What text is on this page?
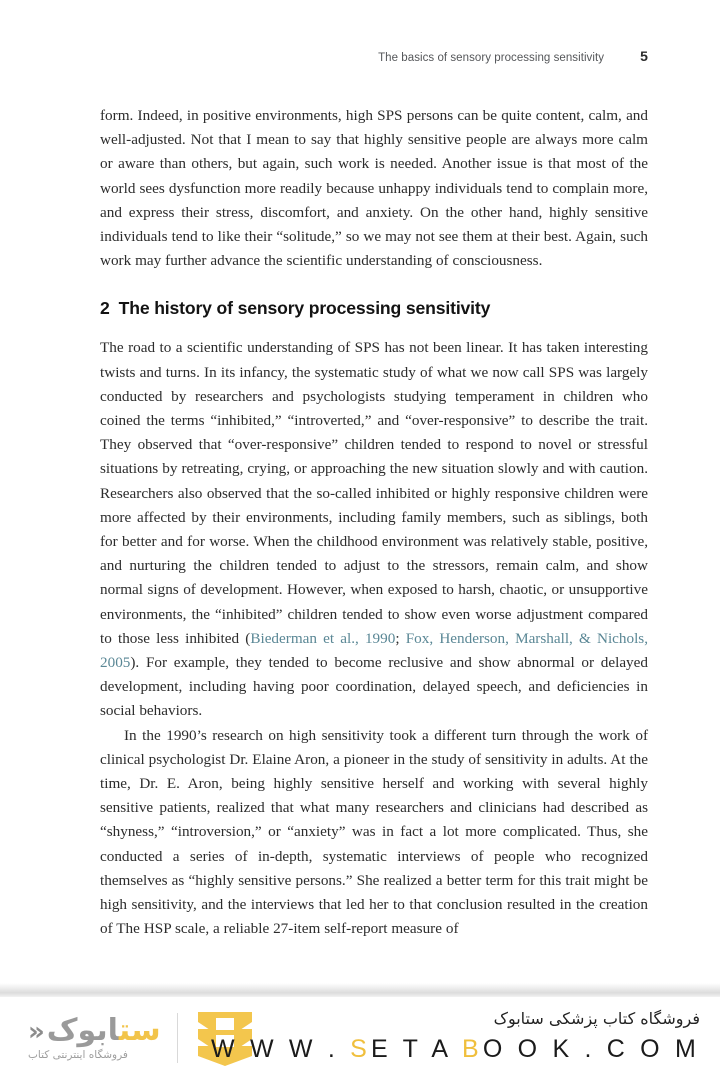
The basics of sensory processing sensitivity	5

form. Indeed, in positive environments, high SPS persons can be quite content, calm, and well-adjusted. Not that I mean to say that highly sensitive people are always more calm or aware than others, but again, such work is needed. Another issue is that most of the world sees dysfunction more readily because unhappy individuals tend to complain more, and express their stress, discomfort, and anxiety. On the other hand, highly sensitive individuals tend to like their “solitude,” so we may not see them at their best. Again, such work may further advance the scientific understanding of consciousness.

2 The history of sensory processing sensitivity

The road to a scientific understanding of SPS has not been linear. It has taken interesting twists and turns. In its infancy, the systematic study of what we now call SPS was largely conducted by researchers and psychologists studying temperament in children who coined the terms “inhibited,” “introverted,” and “over-responsive” to describe the trait. They observed that “over-responsive” children tended to respond to novel or stressful situations by retreating, crying, or approaching the new situation slowly and with caution. Researchers also observed that the so-called inhibited or highly responsive children were more affected by their environments, including family members, such as siblings, both for better and for worse. When the childhood environment was relatively stable, positive, and nurturing the children tended to adjust to the stressors, remain calm, and show normal signs of development. However, when exposed to harsh, chaotic, or unsupportive environments, the “inhibited” children tended to show even worse adjustment compared to those less inhibited (Biederman et al., 1990; Fox, Henderson, Marshall, & Nichols, 2005). For example, they tended to become reclusive and show abnormal or delayed development, including having poor coordination, delayed speech, and deficiencies in social behaviors.

In the 1990’s research on high sensitivity took a different turn through the work of clinical psychologist Dr. Elaine Aron, a pioneer in the study of sensitivity in adults. At the time, Dr. E. Aron, being highly sensitive herself and working with several highly sensitive patients, realized that what many researchers and clinicians had described as “shyness,” “introversion,” or “anxiety” was in fact a lot more complicated. Thus, she conducted a series of in-depth, systematic interviews of people who recognized themselves as “highly sensitive persons.” She realized a better term for this trait might be high sensitivity, and the interviews that led her to that conclusion resulted in the creation of The HSP scale, a reliable 27-item self-report measure of

ستابوک«
فروشگاه اینترنتی کتاب
فروشگاه کتاب پزشکی ستابوک
W W W . SE T A BO O K . C O M
